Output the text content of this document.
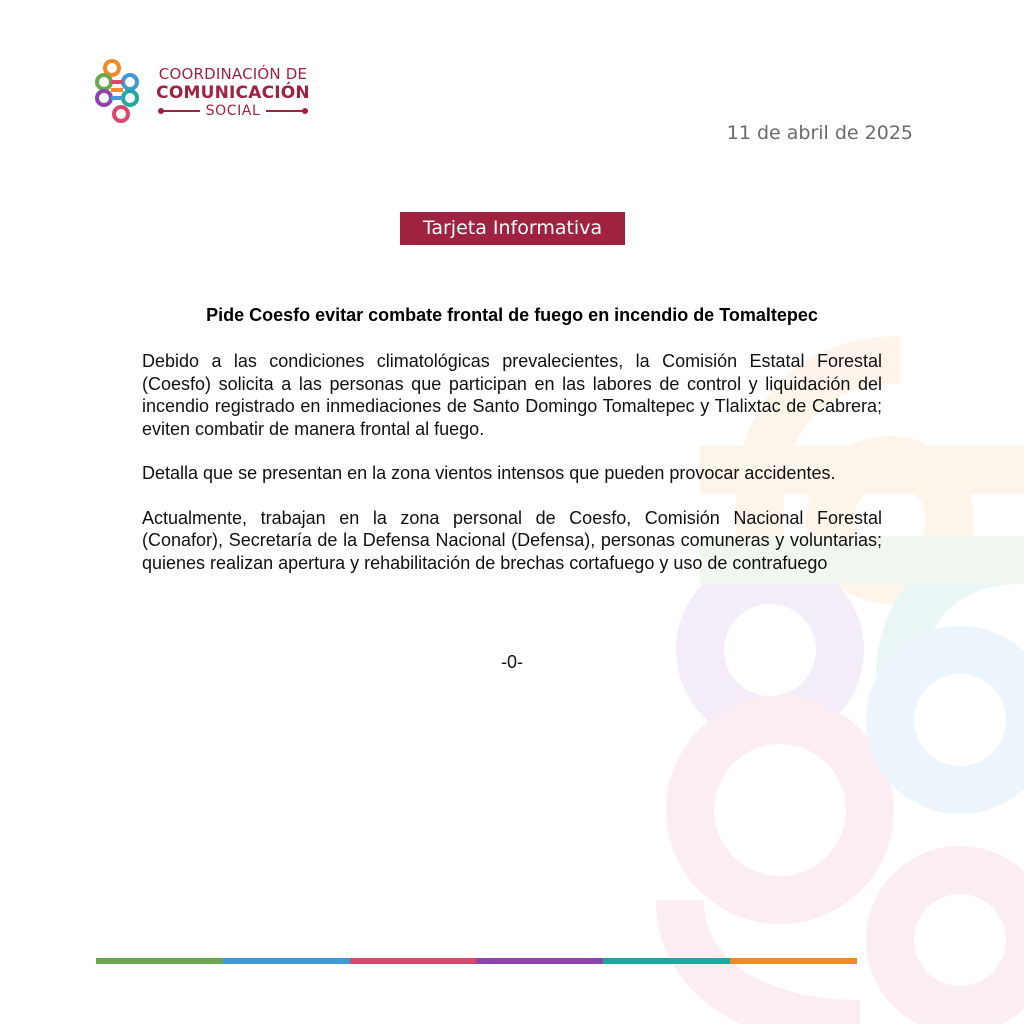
COORDINACIÓN DE
COMUNICACIÓN
SOCIAL
11 de abril de 2025
Tarjeta Informativa
Pide Coesfo evitar combate frontal de fuego en incendio de Tomaltepec

Debido a las condiciones climatológicas prevalecientes, la Comisión Estatal Forestal (Coesfo) solicita a las personas que participan en las labores de control y liquidación del incendio registrado en inmediaciones de Santo Domingo Tomaltepec y Tlalixtac de Cabrera; eviten combatir de manera frontal al fuego.

Detalla que se presentan en la zona vientos intensos que pueden provocar accidentes.

Actualmente, trabajan en la zona personal de Coesfo, Comisión Nacional Forestal (Conafor), Secretaría de la Defensa Nacional (Defensa), personas comuneras y voluntarias; quienes realizan apertura y rehabilitación de brechas cortafuego y uso de contrafuego

-0-
